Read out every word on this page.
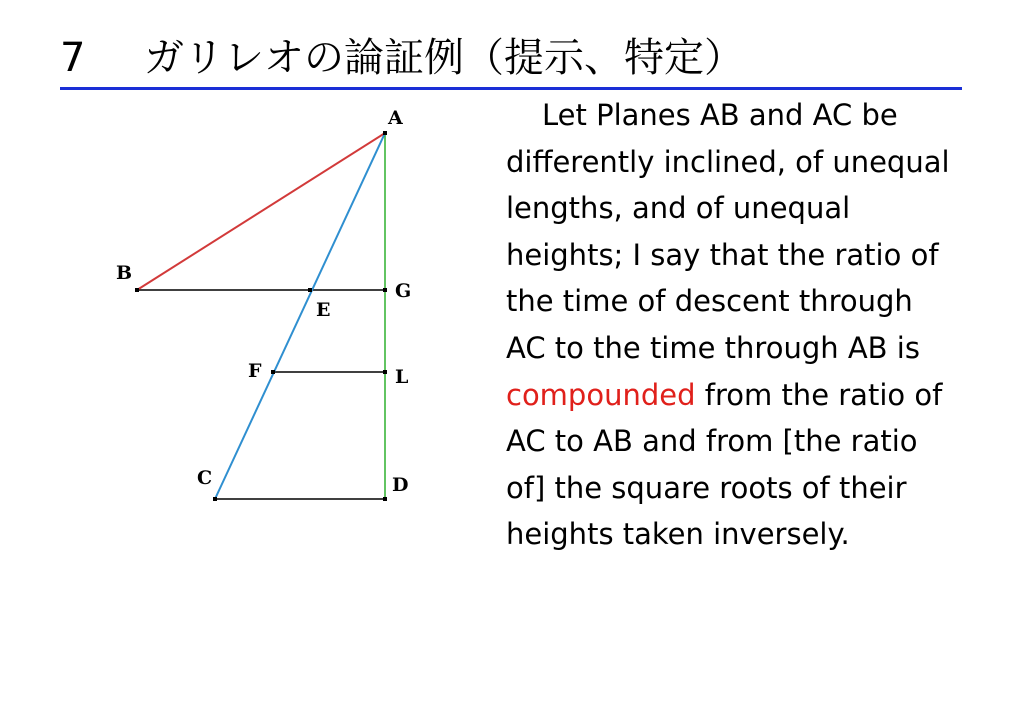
7 ガリレオの論証例（提示、特定）
A
B
G
E
F	L
C	D
Let Planes AB and AC be
differently inclined, of unequal
lengths, and of unequal
heights; I say that the ratio of
the time of descent through
AC to the time through AB is
compounded from the ratio of
AC to AB and from [the ratio
of] the square roots of their
heights taken inversely.
